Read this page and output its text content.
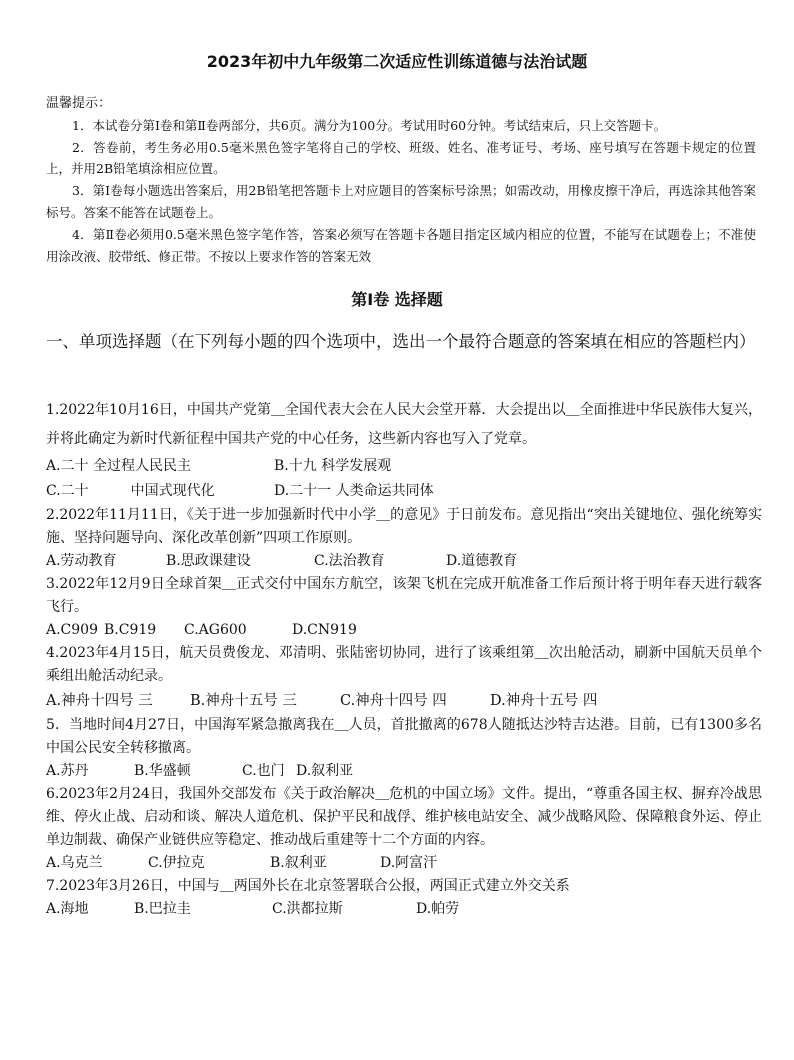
2023年初中九年级第二次适应性训练道德与法治试题
温馨提示：

1．本试卷分第Ⅰ卷和第Ⅱ卷两部分，共6页。满分为100分。考试用时60分钟。考试结束后，只上交答题卡。

2．答卷前，考生务必用0.5毫米黑色签字笔将自己的学校、班级、姓名、准考证号、考场、座号填写在答题卡规定的位置上，并用2B铅笔填涂相应位置。

3．第Ⅰ卷每小题选出答案后，用2B铅笔把答题卡上对应题目的答案标号涂黑；如需改动，用橡皮擦干净后，再选涂其他答案标号。答案不能答在试题卷上。

4．第Ⅱ卷必须用0.5毫米黑色签字笔作答，答案必须写在答题卡各题目指定区域内相应的位置，不能写在试题卷上；不准使用涂改液、胶带纸、修正带。不按以上要求作答的答案无效

第Ⅰ卷 选择题
一、单项选择题（在下列每小题的四个选项中，选出一个最符合题意的答案填在相应的答题栏内）
1.2022年10月16日，中国共产党第＿全国代表大会在人民大会堂开幕．大会提出以＿全面推进中华民族伟大复兴，并将此确定为新时代新征程中国共产党的中心任务，这些新内容也写入了党章。
A.二十 全过程人民民主	B.十九 科学发展观
C.二十　　　中国式现代化	D.二十一 人类命运共同体
2.2022年11月11日，《关于进一步加强新时代中小学＿的意见》于日前发布。意见指出“突出关键地位、强化统筹实施、坚持问题导向、深化改革创新”四项工作原则。
A.劳动教育	B.思政课建设	C.法治教育	D.道德教育
3.2022年12月9日全球首架＿正式交付中国东方航空，该架飞机在完成开航准备工作后预计将于明年春天进行载客飞行。
A.C909 B.C919	C.AG600	D.CN919
4.2023年4月15日，航天员费俊龙、邓清明、张陆密切协同，进行了该乘组第＿次出舱活动，刷新中国航天员单个乘组出舱活动纪录。
A.神舟十四号 三	B.神舟十五号 三	C.神舟十四号 四	D.神舟十五号 四
5．当地时间4月27日，中国海军紧急撤离我在＿人员，首批撤离的678人随抵达沙特吉达港。目前，已有1300多名中国公民安全转移撤离。
A.苏丹	B.华盛顿	C.也门 D.叙利亚
6.2023年2月24日，我国外交部发布《关于政治解决＿危机的中国立场》文件。提出，“尊重各国主权、摒弃冷战思维、停火止战、启动和谈、解决人道危机、保护平民和战俘、维护核电站安全、减少战略风险、保障粮食外运、停止单边制裁、确保产业链供应等稳定、推动战后重建等十二个方面的内容。
A.乌克兰	C.伊拉克	B.叙利亚	D.阿富汗
7.2023年3月26日，中国与＿两国外长在北京签署联合公报，两国正式建立外交关系
A.海地	B.巴拉圭	C.洪都拉斯	D.帕劳
